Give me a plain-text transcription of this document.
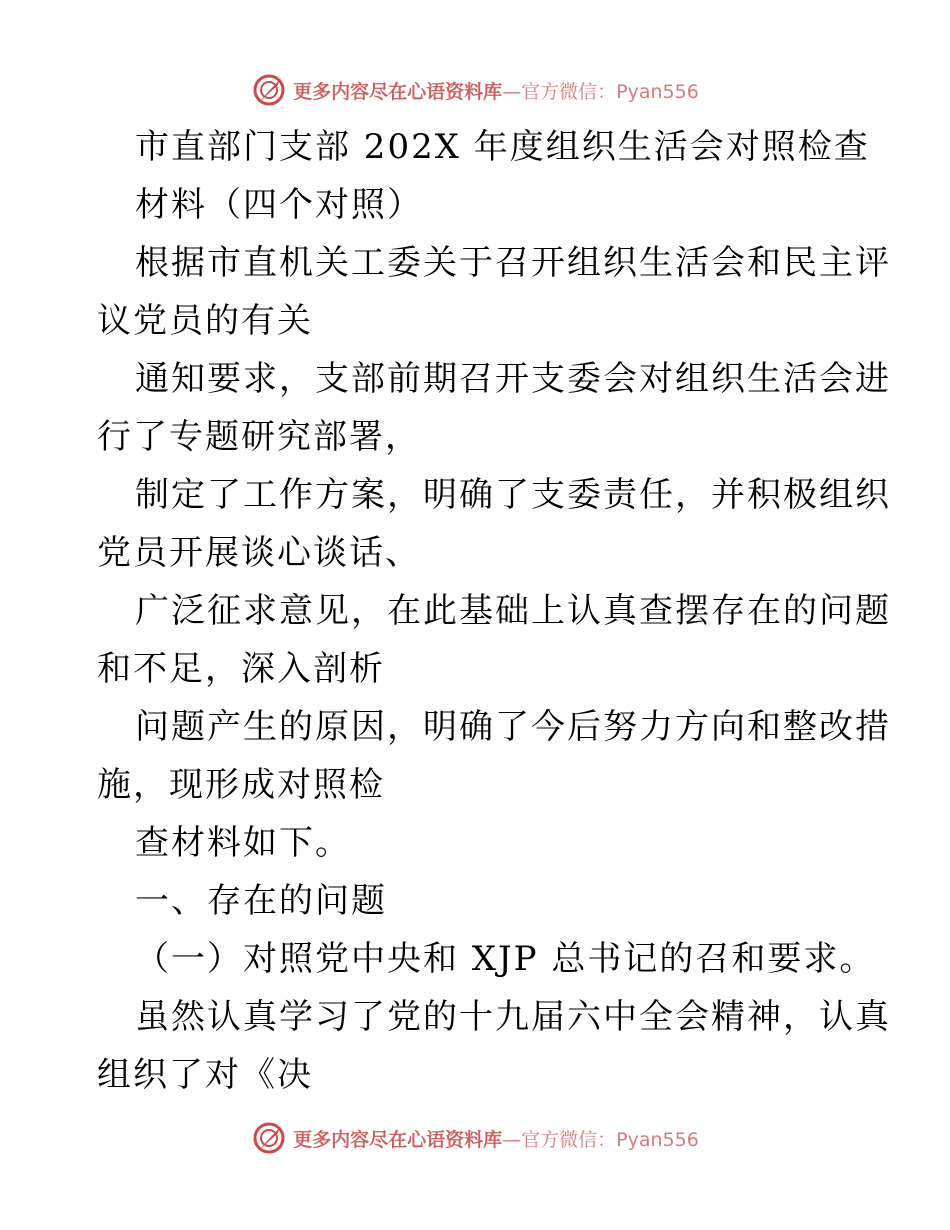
更多内容尽在心语资料库—官方微信：Pyan556
市直部门支部 202X 年度组织生活会对照检查
材料（四个对照）
根据市直机关工委关于召开组织生活会和民主评
议党员的有关
通知要求，支部前期召开支委会对组织生活会进
行了专题研究部署，
制定了工作方案，明确了支委责任，并积极组织
党员开展谈心谈话、
广泛征求意见，在此基础上认真查摆存在的问题
和不足，深入剖析
问题产生的原因，明确了今后努力方向和整改措
施，现形成对照检
查材料如下。
一、存在的问题
（一）对照党中央和 XJP 总书记的召和要求。
虽然认真学习了党的十九届六中全会精神，认真
组织了对《决
更多内容尽在心语资料库—官方微信：Pyan556
